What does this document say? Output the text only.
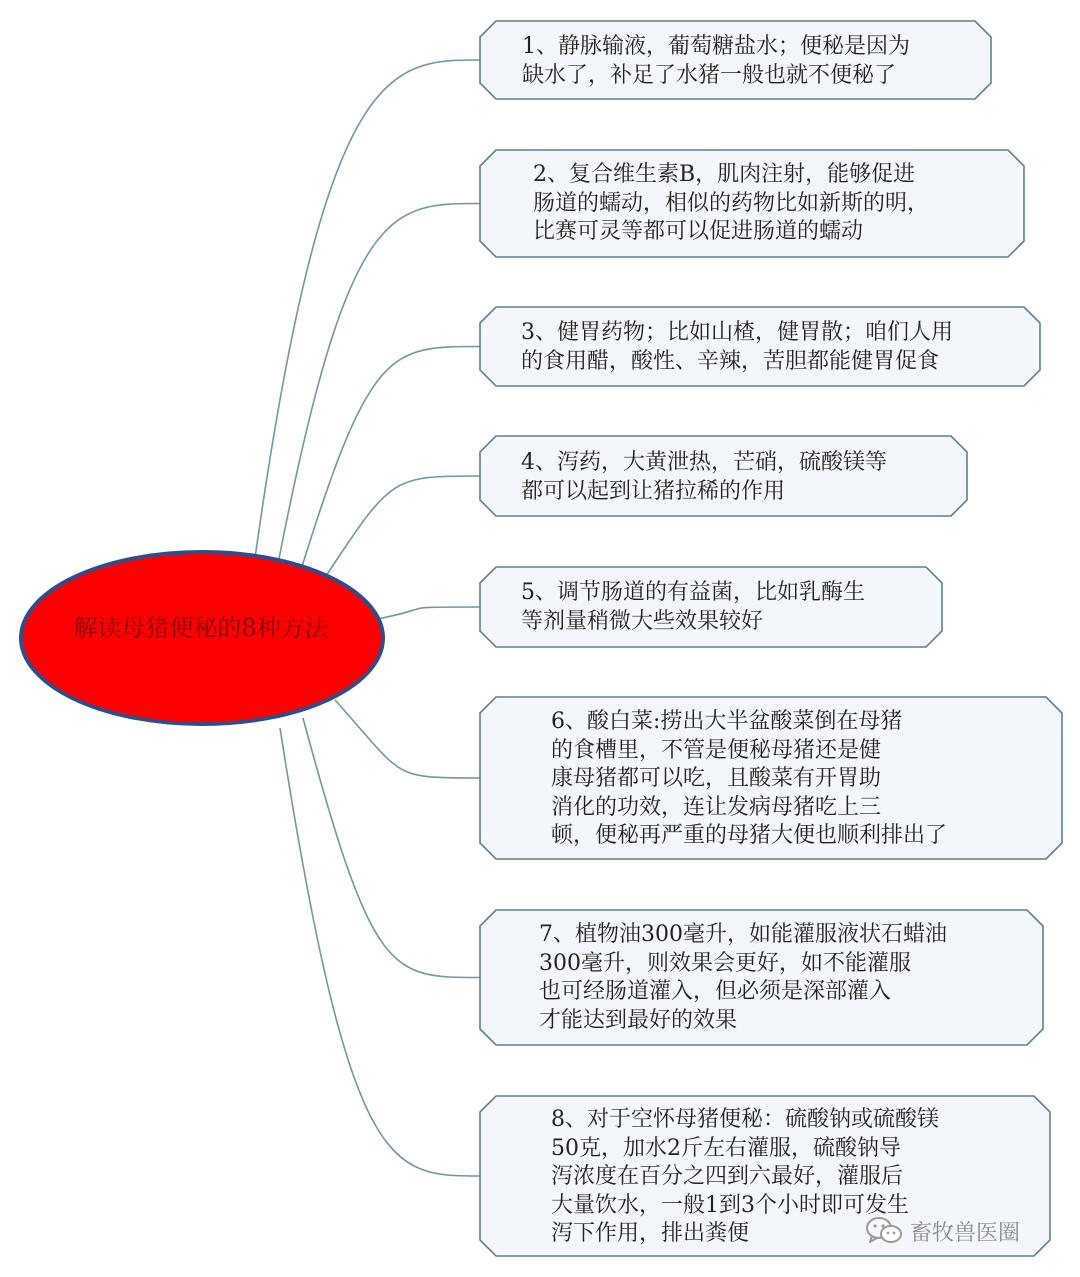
解读母猪便秘的8种方法
1、静脉输液，葡萄糖盐水；便秘是因为
缺水了，补足了水猪一般也就不便秘了
2、复合维生素B，肌肉注射，能够促进
肠道的蠕动，相似的药物比如新斯的明，
比赛可灵等都可以促进肠道的蠕动
3、健胃药物；比如山楂，健胃散；咱们人用
的食用醋，酸性、辛辣，苦胆都能健胃促食
4、泻药，大黄泄热，芒硝，硫酸镁等
都可以起到让猪拉稀的作用
5、调节肠道的有益菌，比如乳酶生
等剂量稍微大些效果较好
6、酸白菜:捞出大半盆酸菜倒在母猪
的食槽里，不管是便秘母猪还是健
康母猪都可以吃，且酸菜有开胃助
消化的功效，连让发病母猪吃上三
顿，便秘再严重的母猪大便也顺利排出了
7、植物油300毫升，如能灌服液状石蜡油
300毫升，则效果会更好，如不能灌服
也可经肠道灌入，但必须是深部灌入
才能达到最好的效果
8、对于空怀母猪便秘：硫酸钠或硫酸镁
50克，加水2斤左右灌服，硫酸钠导
泻浓度在百分之四到六最好，灌服后
大量饮水，一般1到3个小时即可发生
泻下作用，排出粪便	畜牧兽医圈
